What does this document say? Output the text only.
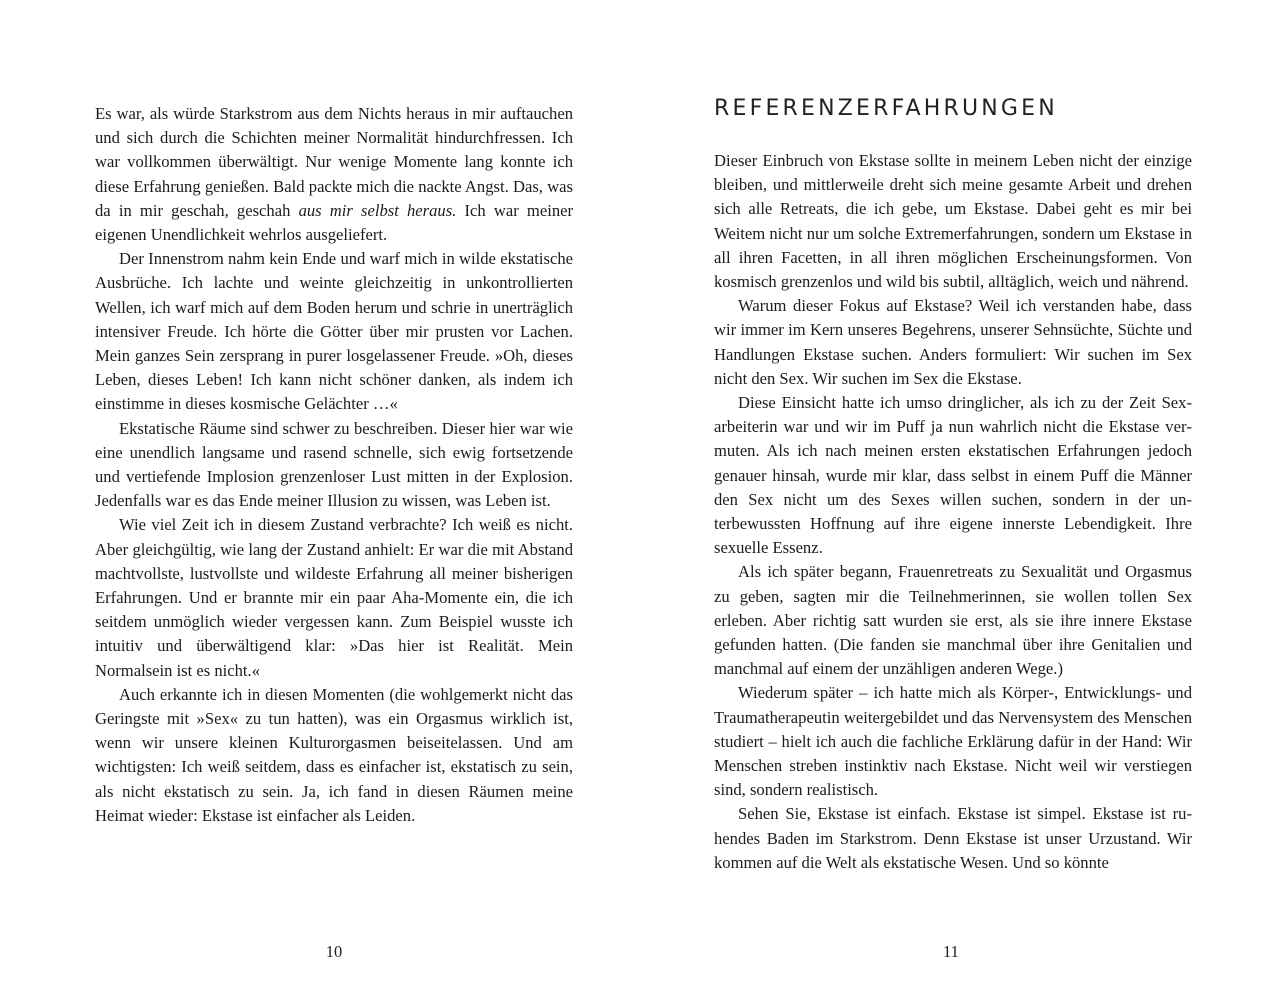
Es war, als würde Starkstrom aus dem Nichts heraus in mir auftauchen und sich durch die Schichten meiner Normalität hindurchfressen. Ich war vollkommen überwältigt. Nur wenige Momente lang konnte ich diese Erfahrung genießen. Bald packte mich die nackte Angst. Das, was da in mir geschah, geschah aus mir selbst heraus. Ich war meiner eigenen Unendlichkeit wehrlos ausgeliefert.

Der Innenstrom nahm kein Ende und warf mich in wilde ekstatische Ausbrüche. Ich lachte und weinte gleichzeitig in unkontrollierten Wellen, ich warf mich auf dem Boden herum und schrie in unerträglich intensiver Freude. Ich hörte die Götter über mir prusten vor Lachen. Mein ganzes Sein zersprang in purer losgelassener Freude. »Oh, dieses Leben, dieses Leben! Ich kann nicht schöner danken, als indem ich einstimme in dieses kosmische Gelächter …«

Ekstatische Räume sind schwer zu beschreiben. Dieser hier war wie eine unendlich langsame und rasend schnelle, sich ewig fortsetzende und vertiefende Implosion grenzenloser Lust mitten in der Explosion. Jedenfalls war es das Ende meiner Illusion zu wissen, was Leben ist.

Wie viel Zeit ich in diesem Zustand verbrachte? Ich weiß es nicht. Aber gleichgültig, wie lang der Zustand anhielt: Er war die mit Abstand machtvollste, lustvollste und wildeste Erfahrung all meiner bisherigen Erfahrungen. Und er brannte mir ein paar Aha-Momente ein, die ich seitdem unmöglich wieder vergessen kann. Zum Beispiel wusste ich intuitiv und überwältigend klar: »Das hier ist Realität. Mein Normalsein ist es nicht.«

Auch erkannte ich in diesen Momenten (die wohlgemerkt nicht das Geringste mit »Sex« zu tun hatten), was ein Orgasmus wirklich ist, wenn wir unsere kleinen Kulturorgasmen beiseitelassen. Und am wichtigsten: Ich weiß seitdem, dass es einfacher ist, ekstatisch zu sein, als nicht ekstatisch zu sein. Ja, ich fand in diesen Räumen meine Heimat wieder: Ekstase ist einfacher als Leiden.

10
REFERENZERFAHRUNGEN

Dieser Einbruch von Ekstase sollte in meinem Leben nicht der einzige bleiben, und mittlerweile dreht sich meine gesamte Arbeit und drehen sich alle Retreats, die ich gebe, um Ekstase. Dabei geht es mir bei Weitem nicht nur um solche Extremerfahrungen, sondern um Ekstase in all ihren Facetten, in all ihren möglichen Erscheinungsformen. Von kosmisch grenzenlos und wild bis subtil, alltäglich, weich und nährend.

Warum dieser Fokus auf Ekstase? Weil ich verstanden habe, dass wir immer im Kern unseres Begehrens, unserer Sehnsüchte, Süchte und Handlungen Ekstase suchen. Anders formuliert: Wir suchen im Sex nicht den Sex. Wir suchen im Sex die Ekstase.

Diese Einsicht hatte ich umso dringlicher, als ich zu der Zeit Sexarbeiterin war und wir im Puff ja nun wahrlich nicht die Ekstase vermuten. Als ich nach meinen ersten ekstatischen Erfahrungen jedoch genauer hinsah, wurde mir klar, dass selbst in einem Puff die Männer den Sex nicht um des Sexes willen suchen, sondern in der unterbewussten Hoffnung auf ihre eigene innerste Lebendigkeit. Ihre sexuelle Essenz.

Als ich später begann, Frauenretreats zu Sexualität und Orgasmus zu geben, sagten mir die Teilnehmerinnen, sie wollen tollen Sex erleben. Aber richtig satt wurden sie erst, als sie ihre innere Ekstase gefunden hatten. (Die fanden sie manchmal über ihre Genitalien und manchmal auf einem der unzähligen anderen Wege.)

Wiederum später – ich hatte mich als Körper-, Entwicklungs- und Traumatherapeutin weitergebildet und das Nervensystem des Menschen studiert – hielt ich auch die fachliche Erklärung dafür in der Hand: Wir Menschen streben instinktiv nach Ekstase. Nicht weil wir verstiegen sind, sondern realistisch.

Sehen Sie, Ekstase ist einfach. Ekstase ist simpel. Ekstase ist ruhendes Baden im Starkstrom. Denn Ekstase ist unser Urzustand. Wir kommen auf die Welt als ekstatische Wesen. Und so könnte

11
